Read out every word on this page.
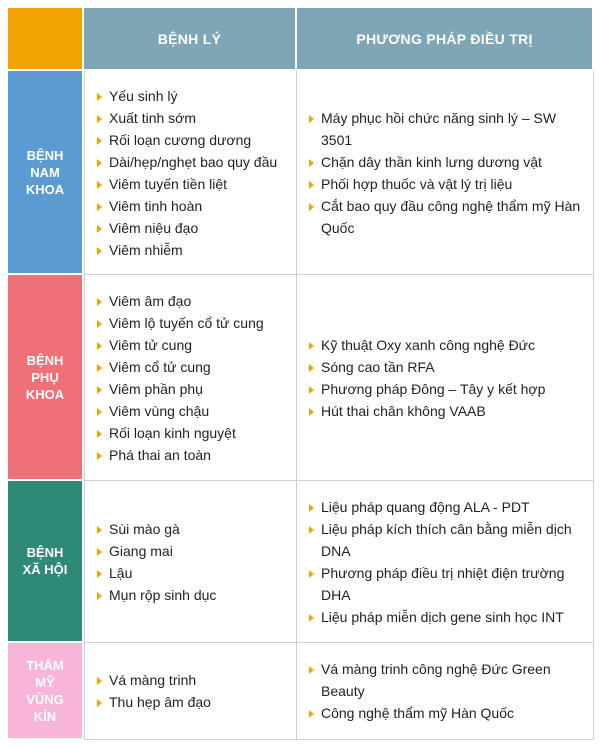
BỆNH LÝ	PHƯƠNG PHÁP ĐIỀU TRỊ
BỆNH
NAM
KHOA
Yếu sinh lý
Xuất tinh sớm
Rối loạn cương dương
Dài/hẹp/nghẹt bao quy đầu
Viêm tuyến tiền liệt
Viêm tinh hoàn
Viêm niệu đạo
Viêm nhiễm
Máy phục hồi chức năng sinh lý – SW 3501
Chặn dây thần kinh lưng dương vật
Phối hợp thuốc và vật lý trị liệu
Cắt bao quy đầu công nghệ thẩm mỹ Hàn Quốc
BỆNH
PHỤ
KHOA
Viêm âm đạo
Viêm lộ tuyến cổ tử cung
Viêm tử cung
Viêm cổ tử cung
Viêm phần phụ
Viêm vùng chậu
Rối loạn kinh nguyệt
Phá thai an toàn
Kỹ thuật Oxy xanh công nghệ Đức
Sóng cao tần RFA
Phương pháp Đông – Tây y kết hợp
Hút thai chân không VAAB
BỆNH
XÃ HỘI
Sùi mào gà
Giang mai
Lậu
Mụn rộp sinh dục
Liệu pháp quang động ALA - PDT
Liệu pháp kích thích cân bằng miễn dịch DNA
Phương pháp điều trị nhiệt điện trường DHA
Liệu pháp miễn dịch gene sinh học INT
THẨM
MỸ
VÙNG
KÍN
Vá màng trinh
Thu hẹp âm đạo
Vá màng trinh công nghệ Đức Green Beauty
Công nghệ thẩm mỹ Hàn Quốc
